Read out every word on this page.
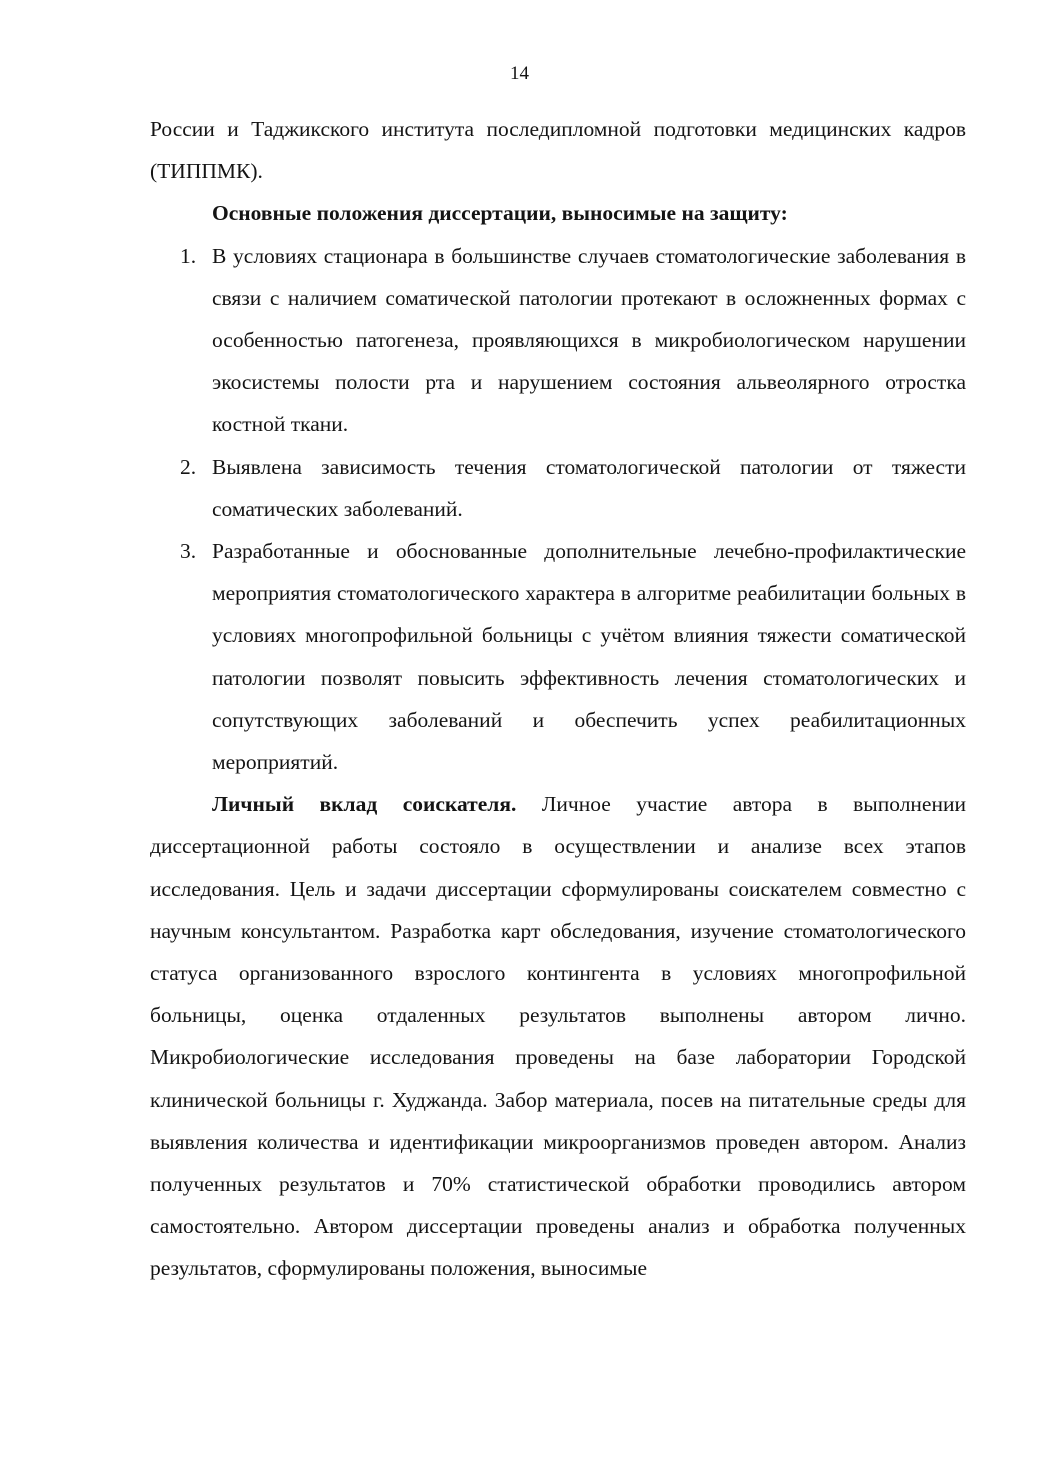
14

России и Таджикского института последипломной подготовки медицинских кадров (ТИППМК).

Основные положения диссертации, выносимые на защиту:

1. В условиях стационара в большинстве случаев стоматологические заболевания в связи с наличием соматической патологии протекают в осложненных формах с особенностью патогенеза, проявляющихся в микробиологическом нарушении экосистемы полости рта и нарушением состояния альвеолярного отростка костной ткани.
2. Выявлена зависимость течения стоматологической патологии от тяжести соматических заболеваний.
3. Разработанные и обоснованные дополнительные лечебно-профилактические мероприятия стоматологического характера в алгоритме реабилитации больных в условиях многопрофильной больницы с учётом влияния тяжести соматической патологии позволят повысить эффективность лечения стоматологических и сопутствующих заболеваний и обеспечить успех реабилитационных мероприятий.

Личный вклад соискателя. Личное участие автора в выполнении диссертационной работы состояло в осуществлении и анализе всех этапов исследования. Цель и задачи диссертации сформулированы соискателем совместно с научным консультантом. Разработка карт обследования, изучение стоматологического статуса организованного взрослого контингента в условиях многопрофильной больницы, оценка отдаленных результатов выполнены автором лично. Микробиологические исследования проведены на базе лаборатории Городской клинической больницы г. Худжанда. Забор материала, посев на питательные среды для выявления количества и идентификации микроорганизмов проведен автором. Анализ полученных результатов и 70% статистической обработки проводились автором самостоятельно. Автором диссертации проведены анализ и обработка полученных результатов, сформулированы положения, выносимые
